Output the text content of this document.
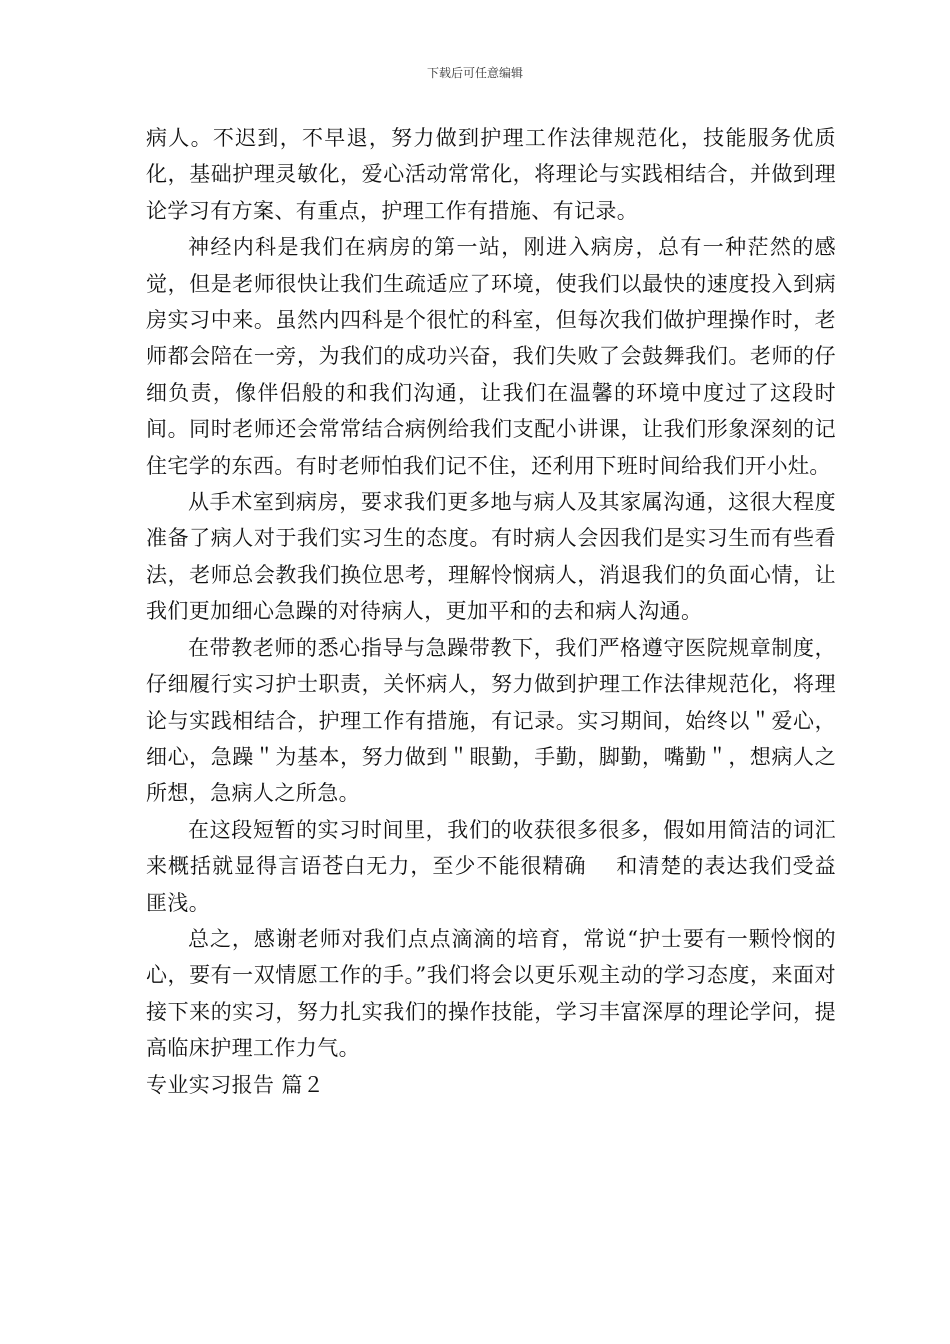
下载后可任意编辑

病人。不迟到，不早退，努力做到护理工作法律规范化，技能服务优质化，基础护理灵敏化，爱心活动常常化，将理论与实践相结合，并做到理论学习有方案、有重点，护理工作有措施、有记录。

神经内科是我们在病房的第一站，刚进入病房，总有一种茫然的感觉，但是老师很快让我们生疏适应了环境，使我们以最快的速度投入到病房实习中来。虽然内四科是个很忙的科室，但每次我们做护理操作时，老师都会陪在一旁，为我们的成功兴奋，我们失败了会鼓舞我们。老师的仔细负责，像伴侣般的和我们沟通，让我们在温馨的环境中度过了这段时间。同时老师还会常常结合病例给我们支配小讲课，让我们形象深刻的记住宅学的东西。有时老师怕我们记不住，还利用下班时间给我们开小灶。

从手术室到病房，要求我们更多地与病人及其家属沟通，这很大程度准备了病人对于我们实习生的态度。有时病人会因我们是实习生而有些看法，老师总会教我们换位思考，理解怜悯病人，消退我们的负面心情，让我们更加细心急躁的对待病人，更加平和的去和病人沟通。

在带教老师的悉心指导与急躁带教下，我们严格遵守医院规章制度，仔细履行实习护士职责，关怀病人，努力做到护理工作法律规范化，将理论与实践相结合，护理工作有措施，有记录。实习期间，始终以＂爱心，细心，急躁＂为基本，努力做到＂眼勤，手勤，脚勤，嘴勤＂，想病人之所想，急病人之所急。

在这段短暂的实习时间里，我们的收获很多很多，假如用简洁的词汇来概括就显得言语苍白无力，至少不能很精确　 和清楚的表达我们受益匪浅。

总之，感谢老师对我们点点滴滴的培育，常说“护士要有一颗怜悯的心，要有一双情愿工作的手。”我们将会以更乐观主动的学习态度，来面对接下来的实习，努力扎实我们的操作技能，学习丰富深厚的理论学问，提高临床护理工作力气。

专业实习报告 篇２
